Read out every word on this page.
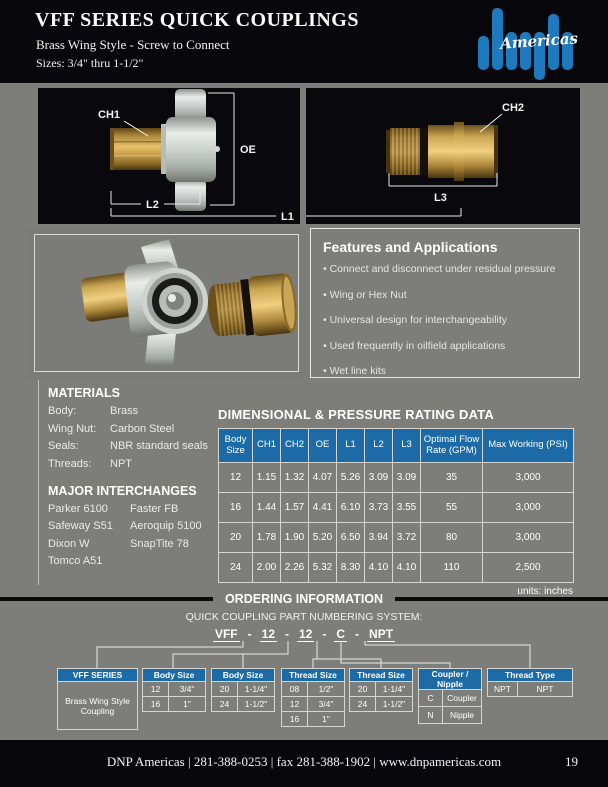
VFF SERIES QUICK COUPLINGS
Brass Wing Style - Screw to Connect
Sizes: 3/4" thru 1-1/2"
Americas
CH1
OE
L2
L1
CH2
L3
Features and Applications
• Connect and disconnect under residual pressure
• Wing or Hex Nut
• Universal design for interchangeability
• Used frequently in oilfield applications
• Wet line kits
MATERIALS
Body:	Brass
Wing Nut:	Carbon Steel
Seals:	NBR standard seals
Threads:	NPT
MAJOR INTERCHANGES
Parker 6100	Faster FB
Safeway S51	Aeroquip 5100
Dixon W	SnapTite 78
Tomco A51
DIMENSIONAL & PRESSURE RATING DATA
Body Size	CH1	CH2	OE	L1	L2	L3	Optimal Flow Rate (GPM)	Max Working (PSI)
12	1.15	1.32	4.07	5.26	3.09	3.09	35	3,000
16	1.44	1.57	4.41	6.10	3.73	3.55	55	3,000
20	1.78	1.90	5.20	6.50	3.94	3.72	80	3,000
24	2.00	2.26	5.32	8.30	4.10	4.10	110	2,500
units: inches
ORDERING INFORMATION
QUICK COUPLING PART NUMBERING SYSTEM:
VFF - 12 - 12 - C - NPT
VFF SERIES
Brass Wing Style Coupling
Body Size	
12	3/4"
16	1"
Body Size	
20	1-1/4"
24	1-1/2"
Thread Size	
08	1/2"
12	3/4"
16	1"
Thread Size	
20	1-1/4"
24	1-1/2"
Coupler / Nipple	
C	Coupler
N	Nipple
Thread Type
NPT	NPT
DNP Americas | 281-388-0253 | fax 281-388-1902 | www.dnpamericas.com	19
